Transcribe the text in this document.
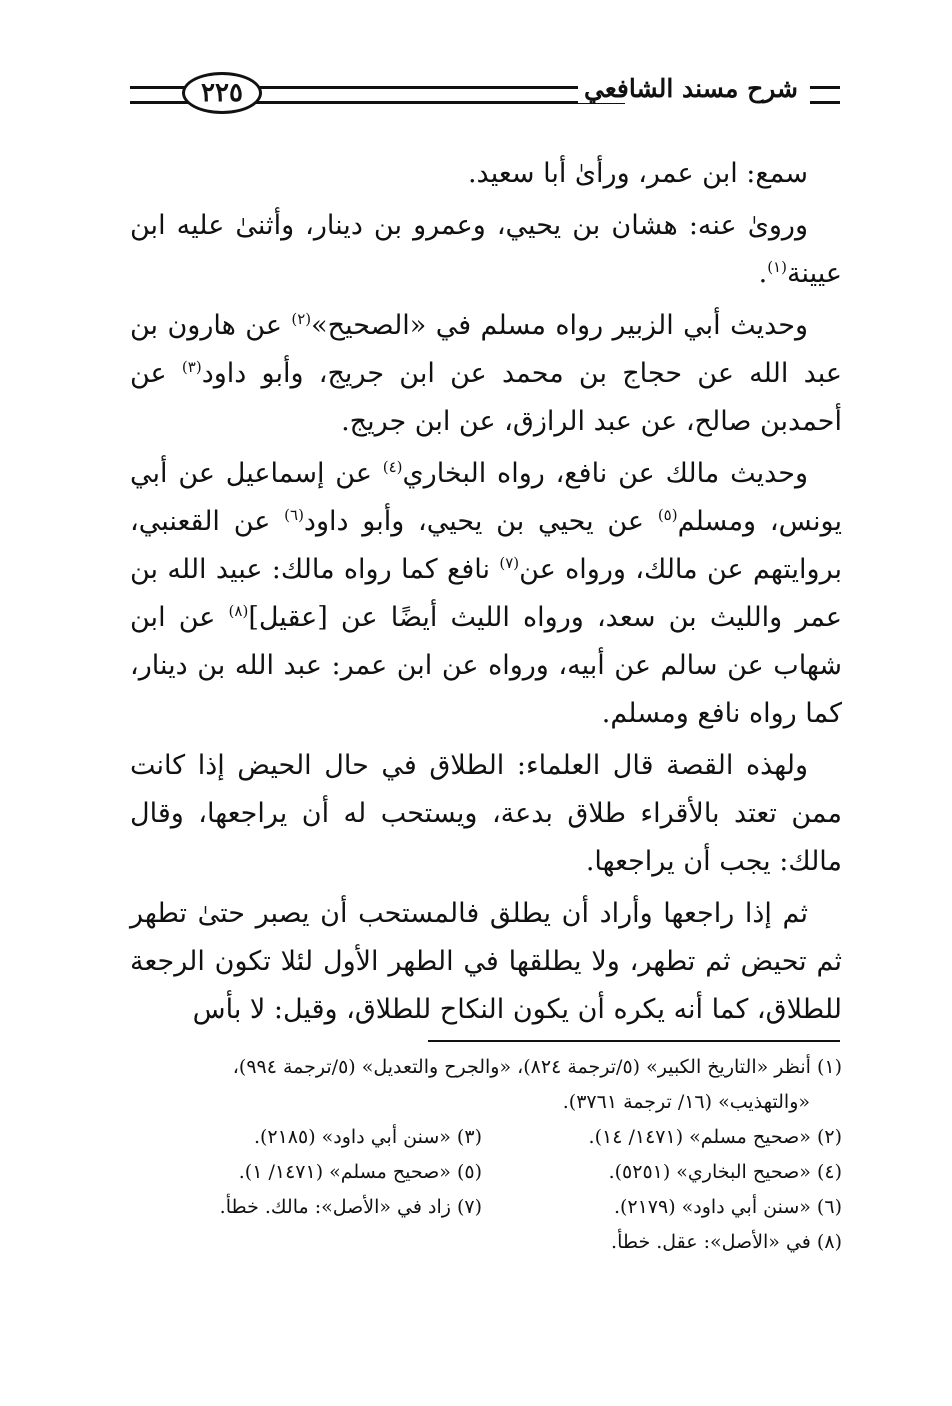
٢٢٥	شرح مسند الشافعي

سمع: ابن عمر، ورأىٰ أبا سعيد.

ورویٰ عنه: هشان بن يحيي، وعمرو بن دينار، وأثنیٰ عليه ابن عيينة$^{(١)}$.

وحديث أبي الزبير رواه مسلم في «الصحيح»$^{(٢)}$ عن هارون بن عبد الله عن حجاج بن محمد عن ابن جريج، وأبو داود$^{(٣)}$ عن أحمدبن صالح، عن عبد الرازق، عن ابن جريج.

وحديث مالك عن نافع، رواه البخاري$^{(٤)}$ عن إسماعيل عن أبي يونس، ومسلم$^{(٥)}$ عن يحيي بن يحيي، وأبو داود$^{(٦)}$ عن القعنبي، بروايتهم عن مالك، ورواه عن$^{(٧)}$ نافع كما رواه مالك: عبيد الله بن عمر والليث بن سعد، ورواه الليث أيضًا عن [عقيل]$^{(٨)}$ عن ابن شهاب عن سالم عن أبيه، ورواه عن ابن عمر: عبد الله بن دينار، كما رواه نافع ومسلم.

ولهذه القصة قال العلماء: الطلاق في حال الحيض إذا كانت ممن تعتد بالأقراء طلاق بدعة، ويستحب له أن يراجعها، وقال مالك: يجب أن يراجعها.

ثم إذا راجعها وأراد أن يطلق فالمستحب أن يصبر حتىٰ تطهر ثم تحيض ثم تطهر، ولا يطلقها في الطهر الأول لئلا تكون الرجعة للطلاق، كما أنه يكره أن يكون النكاح للطلاق، وقيل: لا بأس

(١) أنظر «التاريخ الكبير» (٥/ترجمة ٨٢٤)، «والجرح والتعديل» (٥/ترجمة ٩٩٤)،
«والتهذيب» (١٦/ ترجمة ٣٧٦١).

(٢) «صحيح مسلم» (١٤٧١/ ١٤).
(٣) «سنن أبي داود» (٢١٨٥).
(٤) «صحيح البخاري» (٥٢٥١).
(٥) «صحيح مسلم» (١٤٧١/ ١).
(٦) «سنن أبي داود» (٢١٧٩).
(٧) زاد في «الأصل»: مالك. خطأ.
(٨) في «الأصل»: عقل. خطأ.
